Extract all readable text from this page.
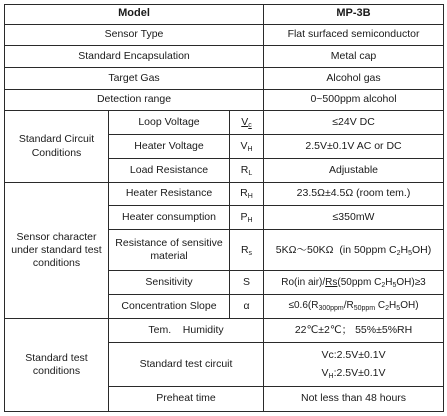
Model			MP-3B
Sensor Type			Flat surfaced semiconductor
Standard Encapsulation			Metal cap
Target Gas			Alcohol gas
Detection range			0~500ppm alcohol
Standard Circuit Conditions	Loop Voltage	$V_c$	≤24V DC
	Heater Voltage	$V_H$	2.5V±0.1V AC or DC
	Load Resistance	$R_L$	Adjustable
Sensor character under standard test conditions	Heater Resistance	$R_H$	23.5Ω±4.5Ω (room tem.)
	Heater consumption	$P_H$	≤350mW
	Resistance of sensitive material	$R_s$	5KΩ～50KΩ (in 50ppm $C_2H_5OH$)
	Sensitivity	S	Ro(in air)/Rs(50ppm $C_2H_5OH)\ge 3$
	Concentration Slope	α	$\le 0.6(R_{300ppm}/R_{50ppm}$ $C_2H_5OH$)
Standard test conditions	Tem.    Humidity		22℃±2℃； 55%±5%RH
	Standard test circuit		Vc:2.5V±0.1V
$V_H:2.5V\pm 0.1V$

	Preheat time		Not less than 48 hours
